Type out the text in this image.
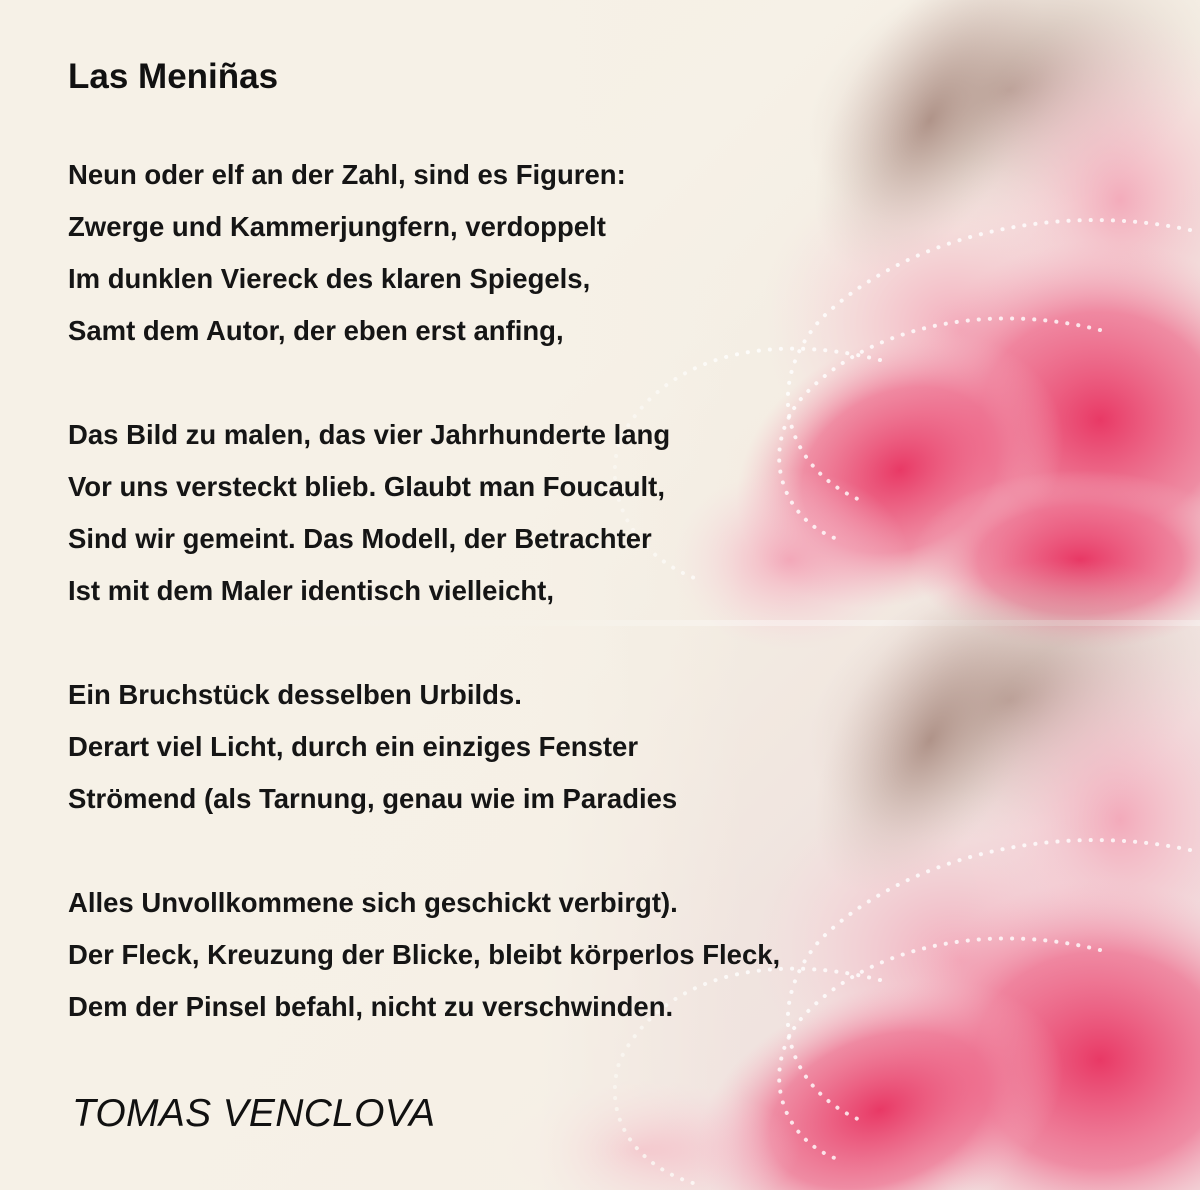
Las Meniñas
Neun oder elf an der Zahl, sind es Figuren:
Zwerge und Kammerjungfern, verdoppelt
Im dunklen Viereck des klaren Spiegels,
Samt dem Autor, der eben erst anfing,
Das Bild zu malen, das vier Jahrhunderte lang
Vor uns versteckt blieb. Glaubt man Foucault,
Sind wir gemeint. Das Modell, der Betrachter
Ist mit dem Maler identisch vielleicht,
Ein Bruchstück desselben Urbilds.
Derart viel Licht, durch ein einziges Fenster
Strömend (als Tarnung, genau wie im Paradies
Alles Unvollkommene sich geschickt verbirgt).
Der Fleck, Kreuzung der Blicke, bleibt körperlos Fleck,
Dem der Pinsel befahl, nicht zu verschwinden.

TOMAS VENCLOVA
